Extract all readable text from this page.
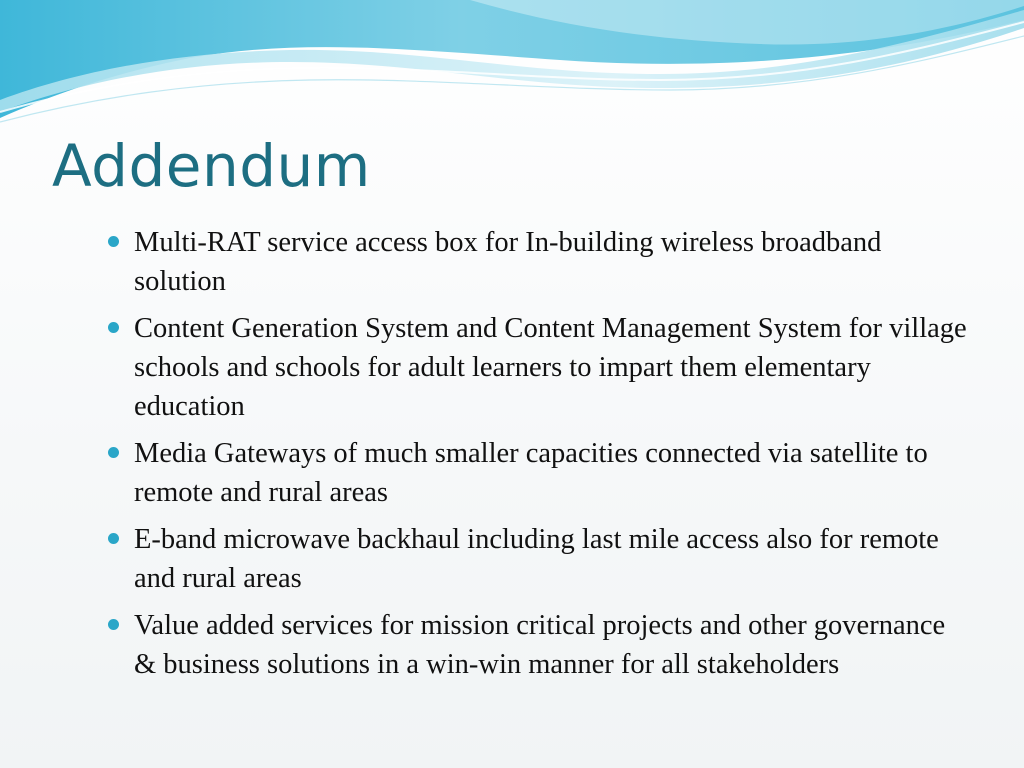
Addendum
Multi-RAT service access box for In-building wireless broadband solution
Content Generation System and Content Management System for village schools and schools for adult learners to impart them elementary education
Media Gateways of much smaller capacities connected via satellite to remote and rural areas
E-band microwave backhaul including last mile access also for remote and rural areas
Value added services for mission critical projects and other governance & business solutions in a win-win manner for all stakeholders
